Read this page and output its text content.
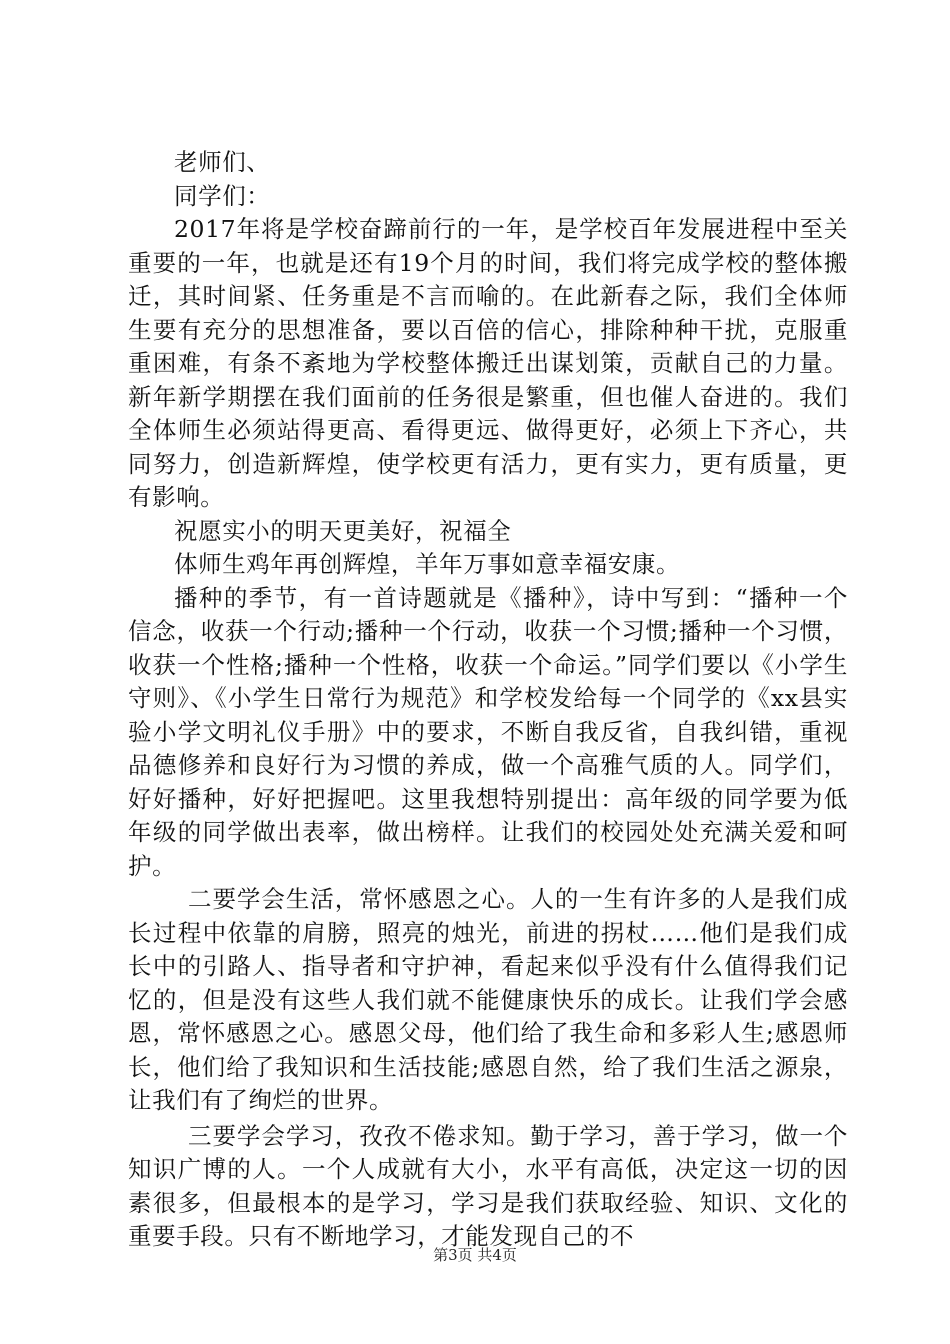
老师们、

同学们：

2017年将是学校奋蹄前行的一年，是学校百年发展进程中至关重要的一年，也就是还有19个月的时间，我们将完成学校的整体搬迁，其时间紧、任务重是不言而喻的。在此新春之际，我们全体师生要有充分的思想准备，要以百倍的信心，排除种种干扰，克服重重困难，有条不紊地为学校整体搬迁出谋划策，贡献自己的力量。新年新学期摆在我们面前的任务很是繁重，但也催人奋进的。我们全体师生必须站得更高、看得更远、做得更好，必须上下齐心，共同努力，创造新辉煌，使学校更有活力，更有实力，更有质量，更有影响。

祝愿实小的明天更美好，祝福全

体师生鸡年再创辉煌，羊年万事如意幸福安康。

播种的季节，有一首诗题就是《播种》，诗中写到：“播种一个信念，收获一个行动;播种一个行动，收获一个习惯;播种一个习惯，收获一个性格;播种一个性格，收获一个命运。”同学们要以《小学生守则》、《小学生日常行为规范》和学校发给每一个同学的《xx县实验小学文明礼仪手册》中的要求，不断自我反省，自我纠错，重视品德修养和良好行为习惯的养成，做一个高雅气质的人。同学们，好好播种，好好把握吧。这里我想特别提出：高年级的同学要为低年级的同学做出表率，做出榜样。让我们的校园处处充满关爱和呵护。

二要学会生活，常怀感恩之心。人的一生有许多的人是我们成长过程中依靠的肩膀，照亮的烛光，前进的拐杖……他们是我们成长中的引路人、指导者和守护神，看起来似乎没有什么值得我们记忆的，但是没有这些人我们就不能健康快乐的成长。让我们学会感恩，常怀感恩之心。感恩父母，他们给了我生命和多彩人生;感恩师长，他们给了我知识和生活技能;感恩自然，给了我们生活之源泉，让我们有了绚烂的世界。

三要学会学习，孜孜不倦求知。勤于学习，善于学习，做一个知识广博的人。一个人成就有大小，水平有高低，决定这一切的因素很多，但最根本的是学习，学习是我们获取经验、知识、文化的重要手段。只有不断地学习，才能发现自己的不

第3页 共4页
